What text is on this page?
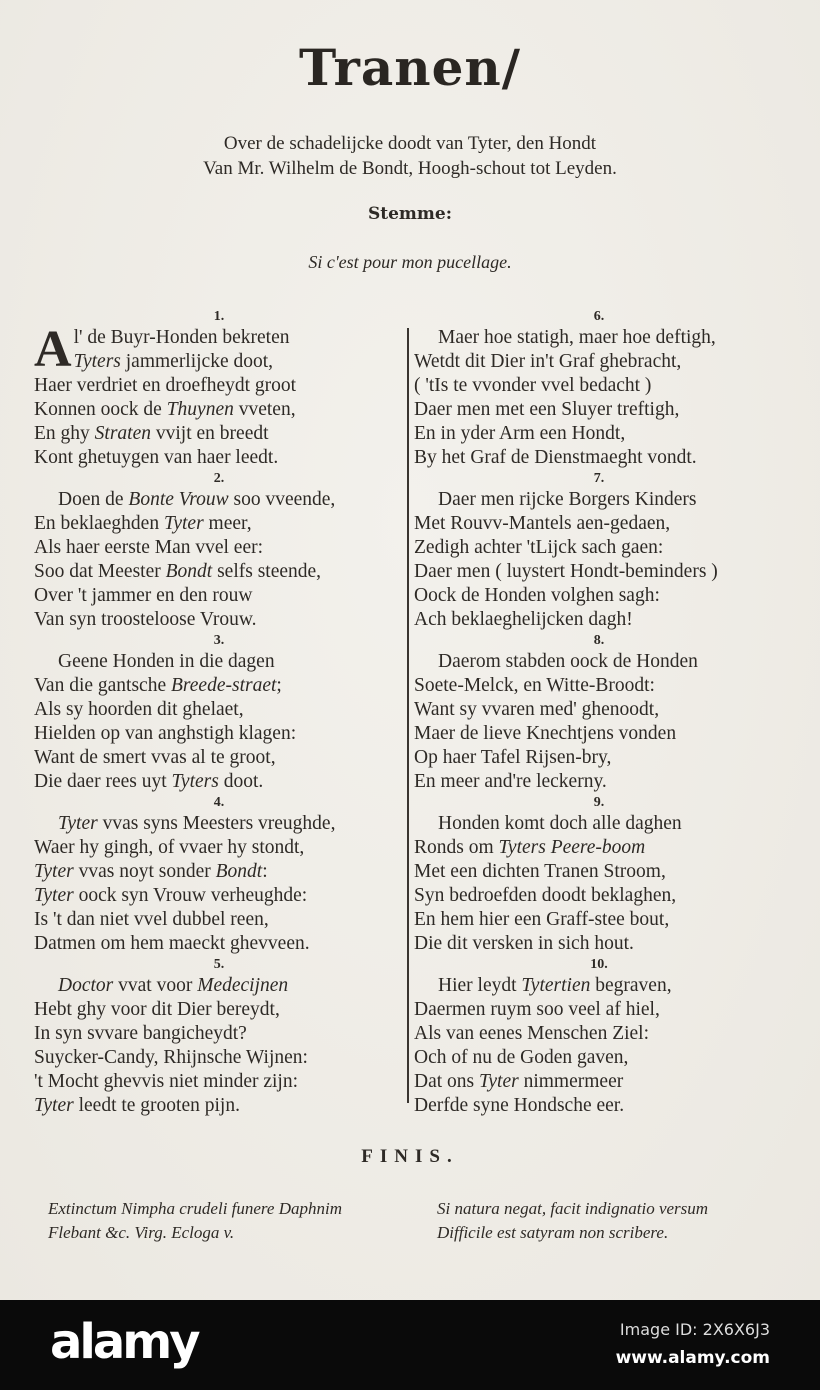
Tranen/
Over de schadelijcke doodt van Tyter, den Hondt
Van Mr. Wilhelm de Bondt, Hoogh-schout tot Leyden.
Stemme:
Si c'est pour mon pucellage.
1.
Al' de Buyr-Honden bekreten
Tyters jammerlijcke doot,
Haer verdriet en droefheydt groot
Konnen oock de Thuynen vveten,
En ghy Straten vvijt en breedt
Kont ghetuygen van haer leedt.
2.
Doen de Bonte Vrouw soo vveende,
En beklaeghden Tyter meer,
Als haer eerste Man vvel eer:
Soo dat Meester Bondt selfs steende,
Over 't jammer en den rouw
Van syn troosteloose Vrouw.
3.
Geene Honden in die dagen
Van die gantsche Breede-straet;
Als sy hoorden dit ghelaet,
Hielden op van anghstigh klagen:
Want de smert vvas al te groot,
Die daer rees uyt Tyters doot.
4.
Tyter vvas syns Meesters vreughde,
Waer hy gingh, of vvaer hy stondt,
Tyter vvas noyt sonder Bondt:
Tyter oock syn Vrouw verheughde:
Is 't dan niet vvel dubbel reen,
Datmen om hem maeckt ghevveen.
5.
Doctor vvat voor Medecijnen
Hebt ghy voor dit Dier bereydt,
In syn svvare bangicheydt?
Suycker-Candy, Rhijnsche Wijnen:
't Mocht ghevvis niet minder zijn:
Tyter leedt te grooten pijn.
6.
Maer hoe statigh, maer hoe deftigh,
Wetdt dit Dier in't Graf ghebracht,
( 'tIs te vvonder vvel bedacht )
Daer men met een Sluyer treftigh,
En in yder Arm een Hondt,
By het Graf de Dienstmaeght vondt.
7.
Daer men rijcke Borgers Kinders
Met Rouvv-Mantels aen-gedaen,
Zedigh achter 'tLijck sach gaen:
Daer men ( luystert Hondt-beminders )
Oock de Honden volghen sagh:
Ach beklaeghelijcken dagh!
8.
Daerom stabden oock de Honden
Soete-Melck, en Witte-Broodt:
Want sy vvaren med' ghenoodt,
Maer de lieve Knechtjens vonden
Op haer Tafel Rijsen-bry,
En meer and're leckerny.
9.
Honden komt doch alle daghen
Ronds om Tyters Peere-boom
Met een dichten Tranen Stroom,
Syn bedroefden doodt beklaghen,
En hem hier een Graff-stee bout,
Die dit versken in sich hout.
10.
Hier leydt Tytertien begraven,
Daermen ruym soo veel af hiel,
Als van eenes Menschen Ziel:
Och of nu de Goden gaven,
Dat ons Tyter nimmermeer
Derfde syne Hondsche eer.
FINIS.
Extinctum Nimpha crudeli funere Daphnim
Flebant &c. Virg. Ecloga v.
Si natura negat, facit indignatio versum
Difficile est satyram non scribere.
alamy	Image ID: 2X6X6J3
www.alamy.com
